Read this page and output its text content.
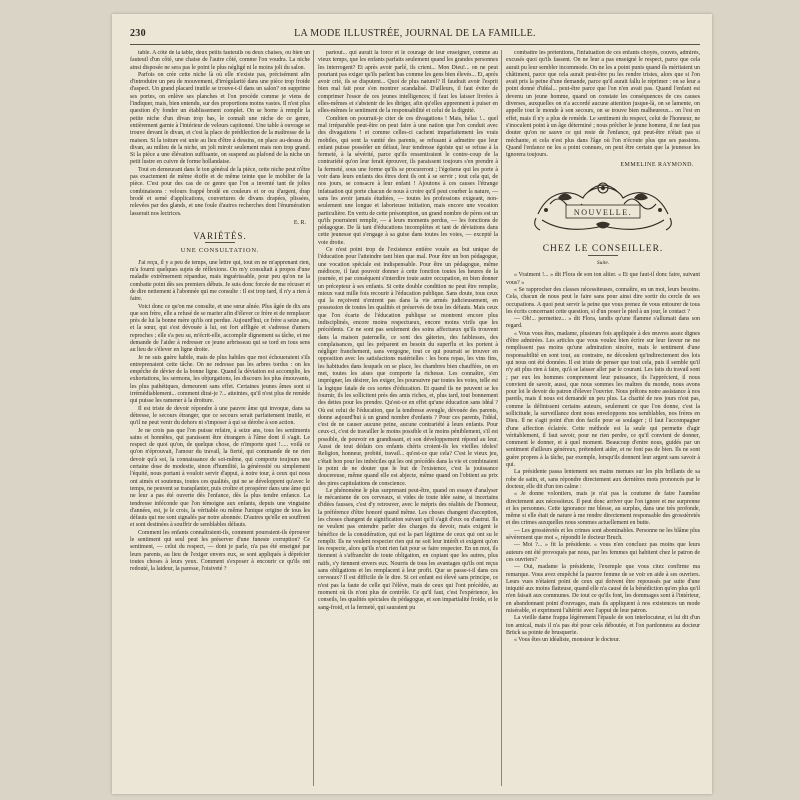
230	LA MODE ILLUSTRÉE, JOURNAL DE LA FAMILLE.

table. A côté de la table, deux petits fauteuils ou deux chaises, ou bien un fauteuil d'un côté, une chaise de l'autre côté, comme l'on voudra. La niche ainsi disposée ne sera pas le point le plus négligé ni le moins joli du salon.

Parfois on crée cette niche là où elle n'existe pas, précisément afin d'introduire un peu de mouvement, d'irrégularité dans une pièce trop froide d'aspect. Un grand placard inutile se trouve-t-il dans un salon? on supprime ses portes, on enlève ses planches et l'on procède comme je viens de l'indiquer, mais, bien entendu, sur des proportions moins vastes. Il n'est plus question d'y fonder un établissement complet. On se borne à remplir la petite niche d'un divan trop bas, le connaît une niche de ce genre, entièrement garnie à l'intérieur de velours capitonné. Une table à ouvrage se trouve devant le divan, et c'est la place de prédilection de la maîtresse de la maison. Si la toiture est unie au lieu d'être à dessins, on place au-dessus du divan, au milieu de la niche, un joli miroir seulement mais non trop grand. Si la pièce a une élévation suffisante, on suspend au plafond de la niche un petit lustre en cuivre de forme hollandaise.

Tout en demeurant dans le ton général de la pièce, cette niche peut n'être pas exactement de même étoffe et de même teinte que le mobilier de la pièce. C'est pour des cas de ce genre que l'on a inventé tant de jolies combinaisons : velours frappé brodé en couleurs et or ou d'argent, drap brodé et semé d'applications, couvertures de divans drapées, plissées, relevées par des glands, et une foule d'autres recherches dont l'énumération lasserait nos lectrices.

E. R.
VARIÉTÉS.
UNE CONSULTATION.

J'ai reçu, il y a peu de temps, une lettre qui, tout en ne m'apprenant rien, m'a fourni quelques sujets de réflexions. On m'y consultait à propos d'une maladie extrêmement répandue, mais inguérissable, pour peu qu'on ne la combatte point dès ses premiers débuts. Je suis donc forcée de me récuser et de dire nettement à l'abonnée qui me consulte : Il est trop tard, il n'y a rien à faire.

Voici donc ce qu'on me consulte, et une sœur aînée. Plus âgée de dix ans que son frère, elle a refusé de se marier afin d'élever ce frère et de remplacer près de lui la bonne mère qu'ils ont perdue. Aujourd'hui, ce frère a seize ans, et la sœur, qui s'est dévouée à lui, est fort affligée et s'adresse d'amers reproches ; elle s'a peu su, m'écrit-elle, accomplir dignement sa tâche, et me demande de l'aider à redresser ce jeune arbrisseau qui se tord en tous sens au lieu de s'élever en ligne droite.

Je ne suis guère habile, mais de plus habiles que moi échoueraient s'ils entreprenaient cette tâche. On ne redresse pas les arbres tordus : on les empêche de dévier de la bonne ligne. Quand la déviation est accomplie, les exhortations, les sermons, les objurgations, les discours les plus émouvants, les plus pathétiques, demeurent sans effet. Certaines jeunes âmes sont si irrémédiablement... comment dirai-je ?... atteintes, qu'il n'est plus de remède qui puisse les ramener à la droiture.

Il est triste de devoir répondre à une pauvre âme qui invoque, dans sa détresse, le secours étranger, que ce secours serait parfaitement inutile, et qu'il ne peut venir du dehors ni s'imposer à qui se dérobe à son action.

Je ne crois pas que l'on puisse refaire, à seize ans, tous les sentiments sains et honnêtes, qui paraissent être étrangers à l'âme dont il s'agit. Le respect de quoi qu'on, de quelque chose, de n'importe quoi !..... voilà ce qu'on n'éprouvait, l'amour du travail, la fierté, qui commande de ne rien devoir qu'à soi, la connaissance de soi-même, qui comporte toujours une certaine dose de modestie, sinon d'humilité, la générosité ou simplement l'équité, nous portant à vouloir servir d'appui, à notre tour, à ceux qui nous ont aimés et soutenus, toutes ces qualités, qui ne se développent qu'avec le temps, ne peuvent se transplanter, puis croître et prospérer dans une âme qui ne leur a pas été ouverte dès l'enfance, dès la plus tendre enfance. La tendresse inféconde que l'on témoigne aux enfants, depuis une vingtaine d'années, est, je le crois, la véritable ou même l'unique origine de tous les défauts qui me sont signalés par notre abonnée. D'autres qu'elle en souffrent et sont destinées à souffrir de semblables défauts.

Comment les enfants connaîtraient-ils, comment pourraient-ils éprouver le sentiment qui seul peut les préserver d'une funeste corruption? Ce sentiment, — celui du respect, — dont je parle, n'a pas été enseigné par leurs parents, au lieu de l'exiger envers eux, se sont appliqués à déprécier toutes choses à leurs yeux. Comment s'exposer à encourir ce qu'ils ont redouté, la laideur, la paresse, l'oisiveté ?

partout... qui aurait la force et le courage de leur enseigner, comme au vieux temps, que les enfants parfaits seulement quand les grandes personnes les interrogent? Et après avoir parlé, ils crient... Mon Dieu!... on ne peut pourtant pas exiger qu'ils parlent bas comme les gens bien élevés... Et, après avoir crié, ils se disputent... Quoi de plus naturel? Il faudrait avoir l'esprit bien mal fait pour s'en montrer scandalisé. D'ailleurs, il faut éviter de comprimer l'essor de ces jeunes intelligences; il faut les laisser livrées à elles-mêmes et s'abstenir de les diriger, afin qu'elles apprennent à puiser en elles-mêmes le sentiment de la responsabilité et celui de la dignité.

Combien on pourrait-je citer de ces divagations ! Mais, hélas !... quel mal irréparable peut-être on peut faire à une nation que l'on conduit avec des divagations ! et comme celles-ci cachent imparfaitement les vrais mobiles, qui sont la vanité des parents, se refusant à admettre que leur enfant puisse posséder un défaut, leur tendresse égoïste qui se refuse à la fermeté, à la sévérité, parce qu'ils ressentiraient le contre-coup de la contrariété qu'on leur ferait éprouver, ils paraissent toujours s'en prendre à la fermeté, sous une forme qu'ils se procureront ; l'égoïsme qui les porte à voir dans leurs enfants des êtres dont ils ont à se servir ; tout cela qui, de nos jours, se consacre à leur enfant ! Ajoutons à ces causes l'étrange infatuation qui porte chacun de nous à croire qu'il peut courber la nature, — sans les avoir jamais étudiées, — toutes les professions exigeant, non-seulement une longue et laborieuse initiation, mais encore une vocation particulière. En vertu de cette présomption, un grand nombre de pères est un qu'ils pourraient remplir, — à leurs moments perdus, — les fonctions de pédagogue. De là tant d'éducations incomplètes et tant de déviations dans cette jeunesse qui s'engage à sa guise dans toutes les voies, — excepté la voie droite.

Ce n'est point trop de l'existence entière vouée au but unique de l'éducation pour l'atteindre tant bien que mal. Pour être un bon pédagogue, une vocation spéciale est indispensable. Pour être un pédagogue, même médiocre, il faut pouvoir donner à cette fonction toutes les heures de la journée, et par conséquent s'interdire toute autre occupation, en bien donner un précepteur à ses enfants. Si cette double condition ne peut être remplie, mieux vaut mille fois recourir à l'éducation publique. Sans doute, tous ceux qui la reçoivent n'entrent pas dans la vie armés judicieusement, en possession de toutes les qualités et préservés de tous les défauts. Mais ceux que l'on écarte de l'éducation publique se montrent encore plus indisciplinés, encore moins respectueux, encore moins virils que les précédents. Ce ne sont pas seulement des soins affectueux qu'ils trouvent dans la maison paternelle, ce sont des gâteries, des faiblesses, des complaisances, qui les préparent en besoin du superflu et les portent à négliger franchement, sans vergogne, tout ce qui pourrait se trouver en opposition avec les satisfactions matérielles : les bons repas, les vins fins, les habitudes dans lesquels on se place, les chambres bien chauffées, on en met, toutes les aises que comporte la richesse. Les connaître, s'en imprégner, les désirer, les exiger, les poursuivre par toutes les voies, telle est la logique fatale de ces sortes d'éducation. Et quand ils ne peuvent se les fournir, ils les sollicitent près des amis riches, et, plus tard, tout bonnement des dettes pour les prendre. Qu'est-ce en effet qu'une éducation sans idéal ? Où est celui de l'éducation, que la tendresse aveugle, dévouée des parents, donne aujourd'hui à un grand nombre d'enfants ? Pour ces parents, l'idéal, c'est de ne causer aucune peine, aucune contrariété à leurs enfants. Pour ceux-ci, c'est de travailler le moins possible et le moins péniblement, s'il est possible, de pouvoir en grandissant, et son développement répond au leur. Aussi de tout dédain ces enfants chéris croient-ils les vieilles idoles! Religion, honneur, probité, travail... qu'est-ce que cela? C'est le vieux jeu, c'était bon pour les imbéciles qui les ont précédés dans la vie et combinaient le point de ne douter que le but de l'existence, c'est la jouissance doucereuse, même quand elle est abjecte, même quand on l'obtient au prix des pires capitulations de conscience.

Le phénomène le plus surprenant peut-être, quand on essaye d'analyser le mécanisme de ces cerveaux, si vides de toute idée saine, si incertains d'idées fausses, c'est d'y retrouver, avec le mépris des réalités de l'honneur, la préférence d'être honoré quand même. Les choses changent d'acception, les choses changent de signification suivant qu'il s'agit d'eux ou d'autrui. Ils ne veulent pas entendre parler des charges du devoir, mais exigent le bénéfice de la considération, qui est la part légitime de ceux qui ont su le remplir. Ils ne veulent respecter rien qui ne soit leur intérêt et exigent qu'on les respecte, alors qu'ils n'ont rien fait pour se faire respecter. En un mot, ils tiennent à s'affranchir de toute obligation, en copiant que les autres, plus naïfs, s'y tiennent envers eux. Nourris de tous les avantages qu'ils ont reçus sans obligations et les remplacent à leur profit. Que se passe-t-il dans ces cerveaux? Il est difficile de le dire. Si cet enfant est élevé sans principe, ce n'est pas la faute de celle qui l'élève, mais de ceux qui l'ont précédée, au moment où ils n'ont plus de contrôle. Ce qu'il faut, c'est l'expérience, les conseils, les qualités spéciales du pédagogue, et son impartialité froide, et le sang-froid, et la fermeté, qui sauraient pu

combattre les prétentions, l'infatuation de ces enfants choyés, couvés, admirés, excusés quoi qu'ils fassent. On ne leur a pas enseigné le respect, parce que cela aurait pu leur sembler incommode. On ne les a point punis quand ils méritaient un châtiment, parce que cela aurait peut-être pu les rendre tristes, alors que si l'on avait pris la peine d'une demande, parce qu'il aurait fallu le réprimer : on se leur a point donné d'idéal... peut-être parce que l'on n'en avait pas. Quand l'enfant est devenu un jeune homme, quand on constate les conséquences de ces causes diverses, auxquelles on n'a accordé aucune attention jusque-là, on se lamente, on appelle tout le monde à son secours, on se trouve bien malheureux... on l'est en effet, mais il n'y a plus de remède. Le sentiment du respect, celui de l'honneur, ne s'inoculent point à un âge déterminé ; nous prêcher le jeune homme, il ne faut pas douter qu'on ne sauve ce qui reste de l'enfance, qui peut-être n'était pas si méchante, et cela n'est plus dans l'âge où l'on n'écoute plus que ses passions. Quand l'enfance ne les a point connues, on peut être certain que la jeunesse les ignorera toujours.

EMMELINE RAYMOND.
NOUVELLE.
CHEZ LE CONSEILLER.
Suite.

« Vraiment !... » dit Flora de son ton altier. « Et que faut-il donc faire, suivant vous? »

« Se rapprocher des classes nécessiteuses, connaître, en un mot, leurs besoins. Cela, chacun de nous peut le faire sans pour ainsi dire sortir du cercle de ses occupations. A quoi peut servir la peine que vous prenez de vous entourer de tous les écrits concernant cette question, si d'un poser le pied à un jour, le contact ?

— Oh!... permettez... » dit Flora, tandis qu'une flamme s'allumait dans son regard.

« Vous vous êtes, madame, plusieurs fois appliquée à des œuvres assez dignes d'être admirées. Les articles que vous voulez bien écrire sur leur faveur ne me remplissent pas moins qu'une admiration sincère, mais le sentiment d'une responsabilité en sont tout, au contraire, ne découlent qu'indirectement des lois qui nous ont été données. Il est triste de penser que tout cela, puis il semble qu'il n'y ait plus rien à faire, qu'à se laisser aller par le courant. Les faits du travail sont ; par eux les hommes comprennent leur puissance, ils l'apprécient, il nous convient de savoir, aussi, que nous sommes les maîtres du monde, nous avons pour loi le devoir du patron d'élever l'ouvrier. Nous prêtons notre assistance à nos pareils, mais il nous est demandé un peu plus. La charité de nos jours n'est pas, comme la définissent certains auteurs, seulement ce que l'on donne, c'est la sollicitude, la surveillance dont nous enveloppons nos semblables, nos frères en Dieu. Il ne s'agit point d'un don facile pour se soulager ; il faut l'accompagner d'une affection éclairée. Cette méthode est la seule qui permette d'agir véritablement, il faut savoir, pour ne rien perdre, ce qu'il convient de donner, comment le donner, et à quel moment. Beaucoup d'entre nous, guidés par un sentiment d'ailleurs généreux, prétendent aider, et ne font pas de bien. Ils ne sont guère propres à la tâche, par exemple, lorsqu'ils donnent leur argent sans savoir à qui.

La présidente passa lentement ses mains menues sur les plis brillants de sa robe de satin, et, sans répondre directement aux dernières mots prononcés par le docteur, elle dit d'un ton calme :

« Je donne volontiers, mais je n'ai pas la coutume de faire l'aumône directement aux nécessiteux. Il peut donc arriver que l'on ignore et me surprenne et les personnes. Cette ignorance me blesse, au surplus, dans une très profonde, même si elle était de nature à me rendre directement responsable des grossièretés et des crimes auxquelles nous sommes actuellement en butte.

— Les grossièretés et les crimes sont abominables. Personne ne les blâme plus sévèrement que moi », répondit le docteur Bruch.

— Moi ?... » fit la présidente. « vous n'en concluez pas moins que leurs auteurs ont été provoqués par nous, par les femmes qui habitent chez le patron de ces ouvriers?

— Oui, madame la présidente, l'exemple que vous citez confirme ma remarque. Vous avez empêché la pauvre femme de se voir en aide à ses ouvriers. Leurs vues n'étaient point de ceux qui doivent être repoussés par suite d'une iniquité aux moins flatteuse, quand elle n'a causé de la bénédiction qu'en plus qu'il n'en faisait aux communes. De tout ce qu'ils font, les dommages sont à l'intérieur, en abandonnant point d'ouvrages, mais ils appliquent à nos existences un mode misérable, et expriment l'altérité avec l'appui de leur patron.

La vieille dame frappa légèrement l'épaule de son interlocuteur, et lui dit d'un ton amical, mais il n'a pas été pour cela déboutée, et l'on pardonnera au docteur Brück sa pointe de brusquerie.

« Vous êtes un idéaliste, monsieur le docteur.
